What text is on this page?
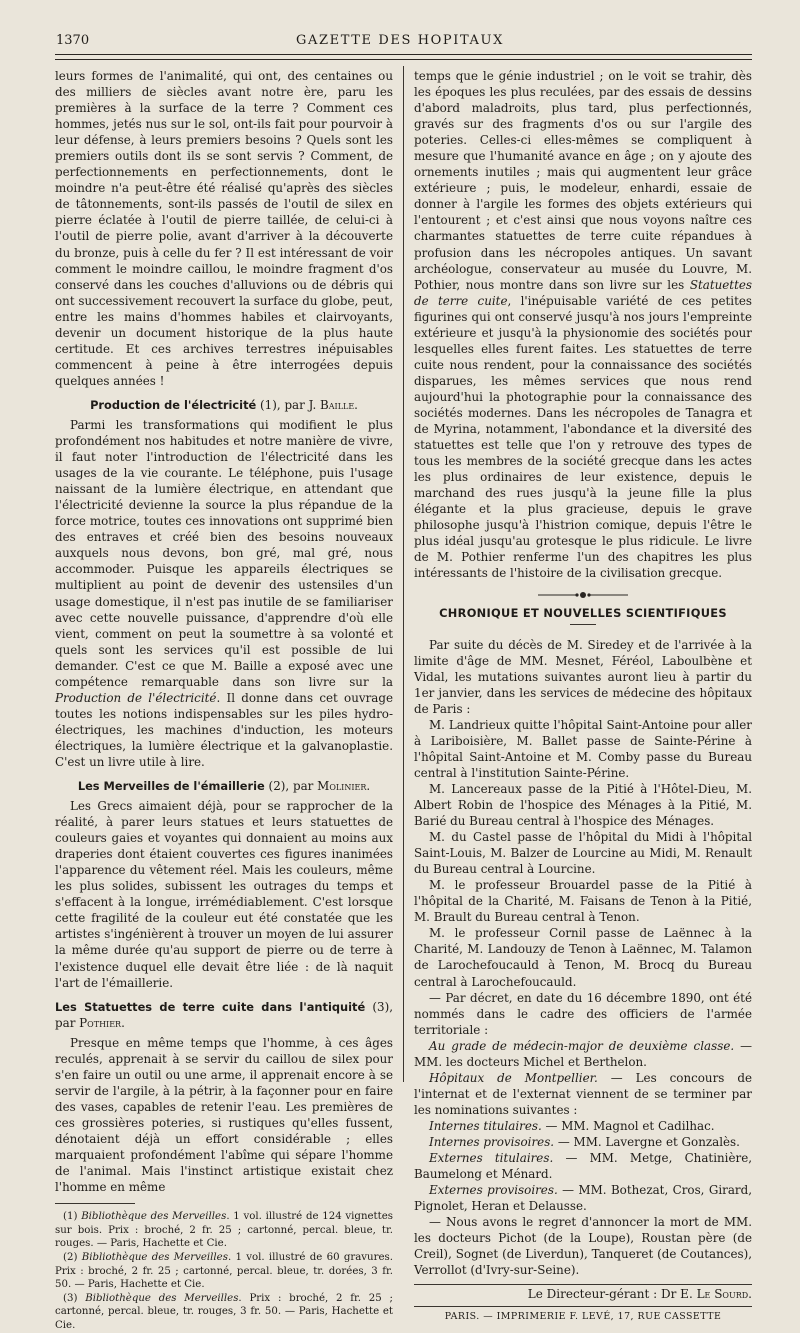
1370	GAZETTE DES HOPITAUX

leurs formes de l'animalité, qui ont, des centaines ou des milliers de siècles avant notre ère, paru les premières à la surface de la terre ? Comment ces hommes, jetés nus sur le sol, ont-ils fait pour pourvoir à leur défense, à leurs premiers besoins ? Quels sont les premiers outils dont ils se sont servis ? Comment, de perfectionnements en perfectionnements, dont le moindre n'a peut-être été réalisé qu'après des siècles de tâtonnements, sont-ils passés de l'outil de silex en pierre éclatée à l'outil de pierre taillée, de celui-ci à l'outil de pierre polie, avant d'arriver à la découverte du bronze, puis à celle du fer ? Il est intéressant de voir comment le moindre caillou, le moindre fragment d'os conservé dans les couches d'alluvions ou de débris qui ont successivement recouvert la surface du globe, peut, entre les mains d'hommes habiles et clairvoyants, devenir un document historique de la plus haute certitude. Et ces archives terrestres inépuisables commencent à peine à être interrogées depuis quelques années !

Production de l'électricité (1), par J. Baille.

Parmi les transformations qui modifient le plus profondément nos habitudes et notre manière de vivre, il faut noter l'introduction de l'électricité dans les usages de la vie courante. Le téléphone, puis l'usage naissant de la lumière électrique, en attendant que l'électricité devienne la source la plus répandue de la force motrice, toutes ces innovations ont supprimé bien des entraves et créé bien des besoins nouveaux auxquels nous devons, bon gré, mal gré, nous accommoder. Puisque les appareils électriques se multiplient au point de devenir des ustensiles d'un usage domestique, il n'est pas inutile de se familiariser avec cette nouvelle puissance, d'apprendre d'où elle vient, comment on peut la soumettre à sa volonté et quels sont les services qu'il est possible de lui demander. C'est ce que M. Baille a exposé avec une compétence remarquable dans son livre sur la Production de l'électricité. Il donne dans cet ouvrage toutes les notions indispensables sur les piles hydro-électriques, les machines d'induction, les moteurs électriques, la lumière électrique et la galvanoplastie. C'est un livre utile à lire.

Les Merveilles de l'émaillerie (2), par Molinier.

Les Grecs aimaient déjà, pour se rapprocher de la réalité, à parer leurs statues et leurs statuettes de couleurs gaies et voyantes qui donnaient au moins aux draperies dont étaient couvertes ces figures inanimées l'apparence du vêtement réel. Mais les couleurs, même les plus solides, subissent les outrages du temps et s'effacent à la longue, irrémédiablement. C'est lorsque cette fragilité de la couleur eut été constatée que les artistes s'ingénièrent à trouver un moyen de lui assurer la même durée qu'au support de pierre ou de terre à l'existence duquel elle devait être liée : de là naquit l'art de l'émaillerie.

Les Statuettes de terre cuite dans l'antiquité (3), par Pothier.

Presque en même temps que l'homme, à ces âges reculés, apprenait à se servir du caillou de silex pour s'en faire un outil ou une arme, il apprenait encore à se servir de l'argile, à la pétrir, à la façonner pour en faire des vases, capables de retenir l'eau. Les premières de ces grossières poteries, si rustiques qu'elles fussent, dénotaient déjà un effort considérable ; elles marquaient profondément l'abîme qui sépare l'homme de l'animal. Mais l'instinct artistique existait chez l'homme en même

(1) Bibliothèque des Merveilles. 1 vol. illustré de 124 vignettes sur bois. Prix : broché, 2 fr. 25 ; cartonné, percal. bleue, tr. rouges. — Paris, Hachette et Cie.

(2) Bibliothèque des Merveilles. 1 vol. illustré de 60 gravures. Prix : broché, 2 fr. 25 ; cartonné, percal. bleue, tr. dorées, 3 fr. 50. — Paris, Hachette et Cie.

(3) Bibliothèque des Merveilles. Prix : broché, 2 fr. 25 ; cartonné, percal. bleue, tr. rouges, 3 fr. 50. — Paris, Hachette et Cie.

temps que le génie industriel ; on le voit se trahir, dès les époques les plus reculées, par des essais de dessins d'abord maladroits, plus tard, plus perfectionnés, gravés sur des fragments d'os ou sur l'argile des poteries. Celles-ci elles-mêmes se compliquent à mesure que l'humanité avance en âge ; on y ajoute des ornements inutiles ; mais qui augmentent leur grâce extérieure ; puis, le modeleur, enhardi, essaie de donner à l'argile les formes des objets extérieurs qui l'entourent ; et c'est ainsi que nous voyons naître ces charmantes statuettes de terre cuite répandues à profusion dans les nécropoles antiques. Un savant archéologue, conservateur au musée du Louvre, M. Pothier, nous montre dans son livre sur les Statuettes de terre cuite, l'inépuisable variété de ces petites figurines qui ont conservé jusqu'à nos jours l'empreinte extérieure et jusqu'à la physionomie des sociétés pour lesquelles elles furent faites. Les statuettes de terre cuite nous rendent, pour la connaissance des sociétés disparues, les mêmes services que nous rend aujourd'hui la photographie pour la connaissance des sociétés modernes. Dans les nécropoles de Tanagra et de Myrina, notamment, l'abondance et la diversité des statuettes est telle que l'on y retrouve des types de tous les membres de la société grecque dans les actes les plus ordinaires de leur existence, depuis le marchand des rues jusqu'à la jeune fille la plus élégante et la plus gracieuse, depuis le grave philosophe jusqu'à l'histrion comique, depuis l'être le plus idéal jusqu'au grotesque le plus ridicule. Le livre de M. Pothier renferme l'un des chapitres les plus intéressants de l'histoire de la civilisation grecque.

CHRONIQUE ET NOUVELLES SCIENTIFIQUES

Par suite du décès de M. Siredey et de l'arrivée à la limite d'âge de MM. Mesnet, Féréol, Laboulbène et Vidal, les mutations suivantes auront lieu à partir du 1er janvier, dans les services de médecine des hôpitaux de Paris :

M. Landrieux quitte l'hôpital Saint-Antoine pour aller à Lariboisière, M. Ballet passe de Sainte-Périne à l'hôpital Saint-Antoine et M. Comby passe du Bureau central à l'institution Sainte-Périne.

M. Lancereaux passe de la Pitié à l'Hôtel-Dieu, M. Albert Robin de l'hospice des Ménages à la Pitié, M. Barié du Bureau central à l'hospice des Ménages.

M. du Castel passe de l'hôpital du Midi à l'hôpital Saint-Louis, M. Balzer de Lourcine au Midi, M. Renault du Bureau central à Lourcine.

M. le professeur Brouardel passe de la Pitié à l'hôpital de la Charité, M. Faisans de Tenon à la Pitié, M. Brault du Bureau central à Tenon.

M. le professeur Cornil passe de Laënnec à la Charité, M. Landouzy de Tenon à Laënnec, M. Talamon de Larochefoucauld à Tenon, M. Brocq du Bureau central à Larochefoucauld.

— Par décret, en date du 16 décembre 1890, ont été nommés dans le cadre des officiers de l'armée territoriale :

Au grade de médecin-major de deuxième classe. — MM. les docteurs Michel et Berthelon.

Hôpitaux de Montpellier. — Les concours de l'internat et de l'externat viennent de se terminer par les nominations suivantes :

Internes titulaires. — MM. Magnol et Cadilhac.

Internes provisoires. — MM. Lavergne et Gonzalès.

Externes titulaires. — MM. Metge, Chatinière, Baumelong et Ménard.

Externes provisoires. — MM. Bothezat, Cros, Girard, Pignolet, Heran et Delausse.

— Nous avons le regret d'annoncer la mort de MM. les docteurs Pichot (de la Loupe), Roustan père (de Creil), Sognet (de Liverdun), Tanqueret (de Coutances), Verrollot (d'Ivry-sur-Seine).

Le Directeur-gérant : Dr E. Le Sourd.
PARIS. — IMPRIMERIE F. LEVÉ, 17, RUE CASSETTE
